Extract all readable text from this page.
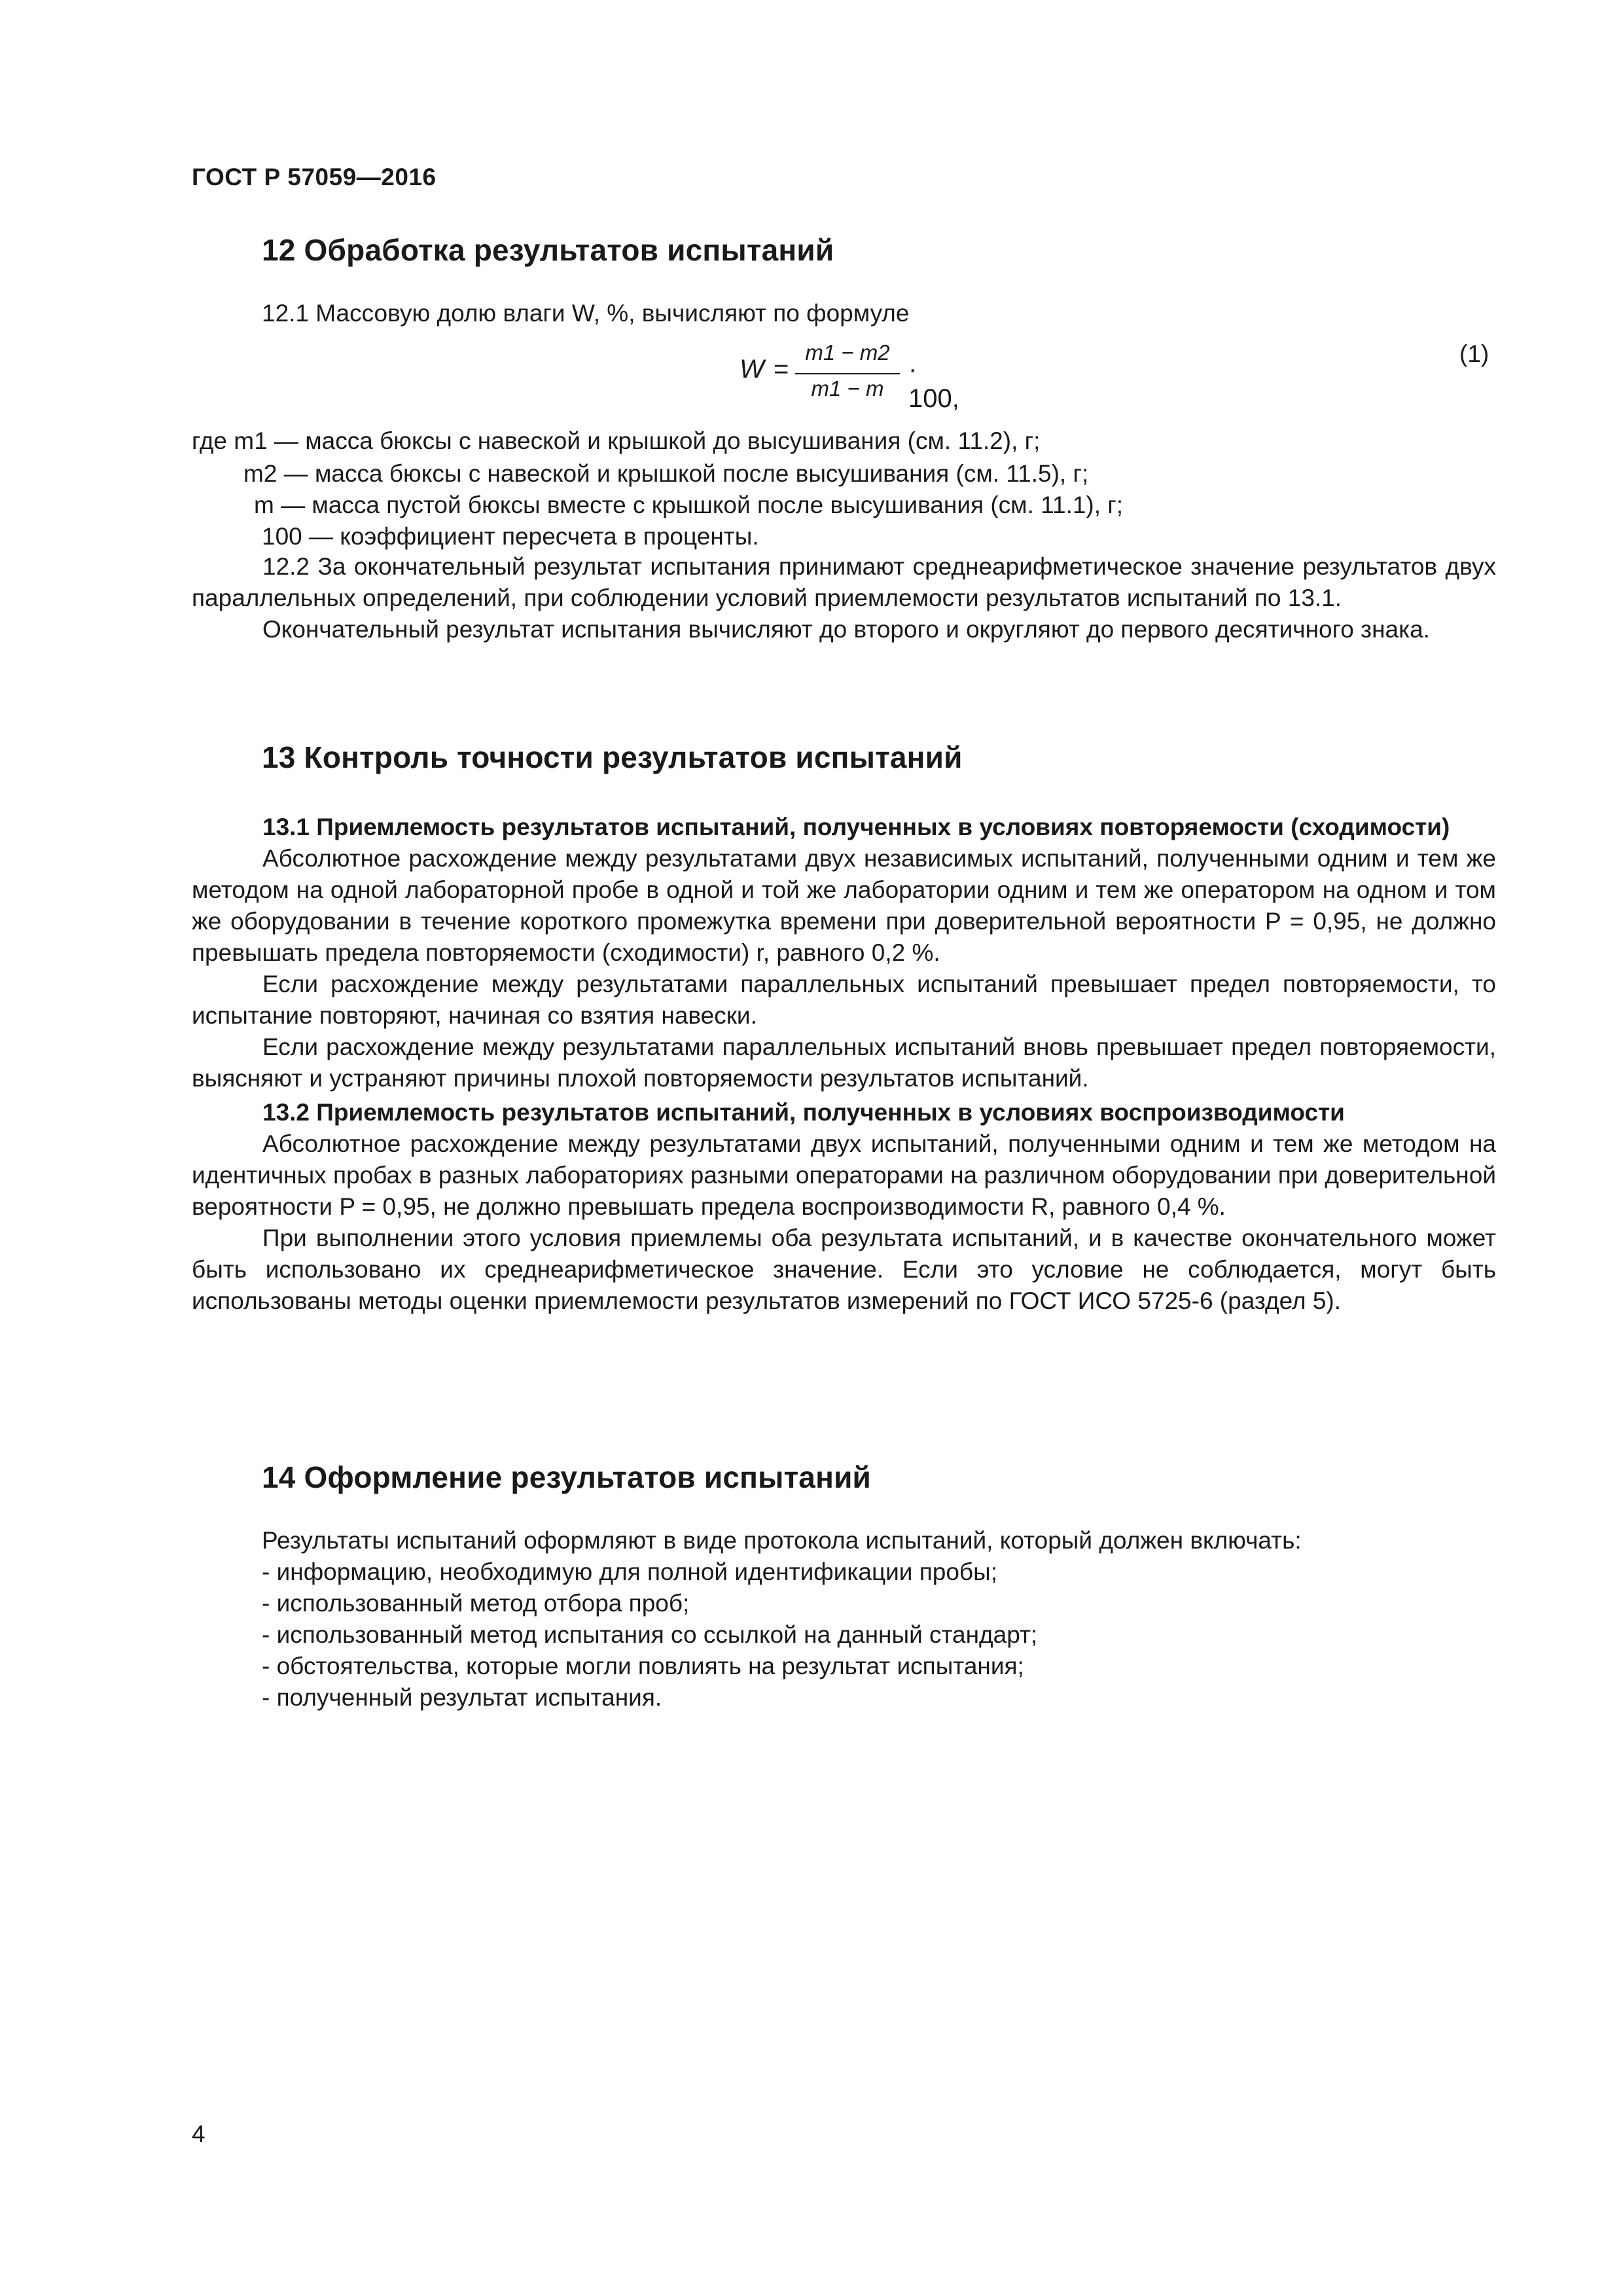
ГОСТ Р 57059—2016
12 Обработка результатов испытаний
12.1 Массовую долю влаги W, %, вычисляют по формуле
W =
m1 − m2
m1 − m
· 100,
(1)
где m1 — масса бюксы с навеской и крышкой до высушивания (см. 11.2), г;
m2 — масса бюксы с навеской и крышкой после высушивания (см. 11.5), г;
m — масса пустой бюксы вместе с крышкой после высушивания (см. 11.1), г;
100 — коэффициент пересчета в проценты.

12.2 За окончательный результат испытания принимают среднеарифметическое значение результатов двух параллельных определений, при соблюдении условий приемлемости результатов испытаний по 13.1.

Окончательный результат испытания вычисляют до второго и округляют до первого десятичного знака.

13 Контроль точности результатов испытаний

13.1 Приемлемость результатов испытаний, полученных в условиях повторяемости (сходимости)

Абсолютное расхождение между результатами двух независимых испытаний, полученными одним и тем же методом на одной лабораторной пробе в одной и той же лаборатории одним и тем же оператором на одном и том же оборудовании в течение короткого промежутка времени при доверительной вероятности P = 0,95, не должно превышать предела повторяемости (сходимости) r, равного 0,2 %.

Если расхождение между результатами параллельных испытаний превышает предел повторяемости, то испытание повторяют, начиная со взятия навески.

Если расхождение между результатами параллельных испытаний вновь превышает предел повторяемости, выясняют и устраняют причины плохой повторяемости результатов испытаний.

13.2 Приемлемость результатов испытаний, полученных в условиях воспроизводимости

Абсолютное расхождение между результатами двух испытаний, полученными одним и тем же методом на идентичных пробах в разных лабораториях разными операторами на различном оборудовании при доверительной вероятности P = 0,95, не должно превышать предела воспроизводимости R, равного 0,4 %.

При выполнении этого условия приемлемы оба результата испытаний, и в качестве окончательного может быть использовано их среднеарифметическое значение. Если это условие не соблюдается, могут быть использованы методы оценки приемлемости результатов измерений по ГОСТ ИСО 5725-6 (раздел 5).

14 Оформление результатов испытаний

Результаты испытаний оформляют в виде протокола испытаний, который должен включать:

- информацию, необходимую для полной идентификации пробы;
- использованный метод отбора проб;
- использованный метод испытания со ссылкой на данный стандарт;
- обстоятельства, которые могли повлиять на результат испытания;
- полученный результат испытания.
4
